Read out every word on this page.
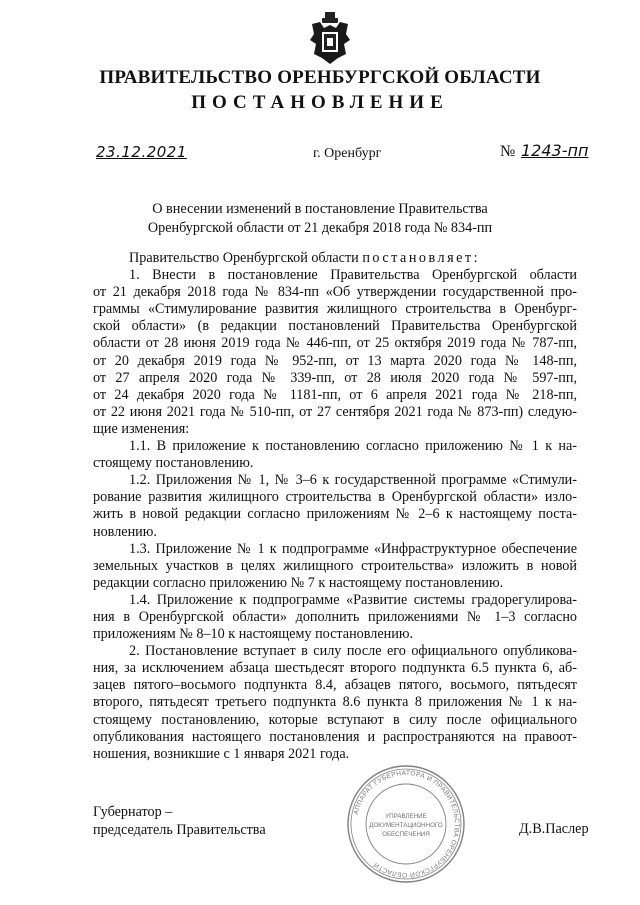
ПРАВИТЕЛЬСТВО ОРЕНБУРГСКОЙ ОБЛАСТИ
ПОСТАНОВЛЕНИЕ
23.12.2021	г. Оренбург	№ 1243-пп
О внесении изменений в постановление Правительства
Оренбургской области от 21 декабря 2018 года № 834-пп
Правительство Оренбургской области постановляет:
1. Внести в постановление Правительства Оренбургской области
от 21 декабря 2018 года № 834-пп «Об утверждении государственной про-
граммы «Стимулирование развития жилищного строительства в Оренбург-
ской области» (в редакции постановлений Правительства Оренбургской
области от 28 июня 2019 года № 446-пп, от 25 октября 2019 года № 787-пп,
от 20 декабря 2019 года № 952-пп, от 13 марта 2020 года № 148-пп,
от 27 апреля 2020 года № 339-пп, от 28 июля 2020 года № 597-пп,
от 24 декабря 2020 года № 1181-пп, от 6 апреля 2021 года № 218-пп,
от 22 июня 2021 года № 510-пп, от 27 сентября 2021 года № 873-пп) следую-
щие изменения:
1.1. В приложение к постановлению согласно приложению № 1 к на-
стоящему постановлению.
1.2. Приложения № 1, № 3–6 к государственной программе «Стимули-
рование развития жилищного строительства в Оренбургской области» изло-
жить в новой редакции согласно приложениям № 2–6 к настоящему поста-
новлению.
1.3. Приложение № 1 к подпрограмме «Инфраструктурное обеспечение
земельных участков в целях жилищного строительства» изложить в новой
редакции согласно приложению № 7 к настоящему постановлению.
1.4. Приложение к подпрограмме «Развитие системы градорегулирова-
ния в Оренбургской области» дополнить приложениями № 1–3 согласно
приложениям № 8–10 к настоящему постановлению.
2. Постановление вступает в силу после его официального опубликова-
ния, за исключением абзаца шестьдесят второго подпункта 6.5 пункта 6, аб-
зацев пятого–восьмого подпункта 8.4, абзацев пятого, восьмого, пятьдесят
второго, пятьдесят третьего подпункта 8.6 пункта 8 приложения № 1 к на-
стоящему постановлению, которые вступают в силу после официального
опубликования настоящего постановления и распространяются на правоот-
ношения, возникшие с 1 января 2021 года.
Губернатор –
председатель Правительства	Д.В.Паслер
АППАРАТ ГУБЕРНАТОРА И ПРАВИТЕЛЬСТВА ОРЕНБУРГСКОЙ ОБЛАСТИ
УПРАВЛЕНИЕ
ДОКУМЕНТАЦИОННОГО
ОБЕСПЕЧЕНИЯ
